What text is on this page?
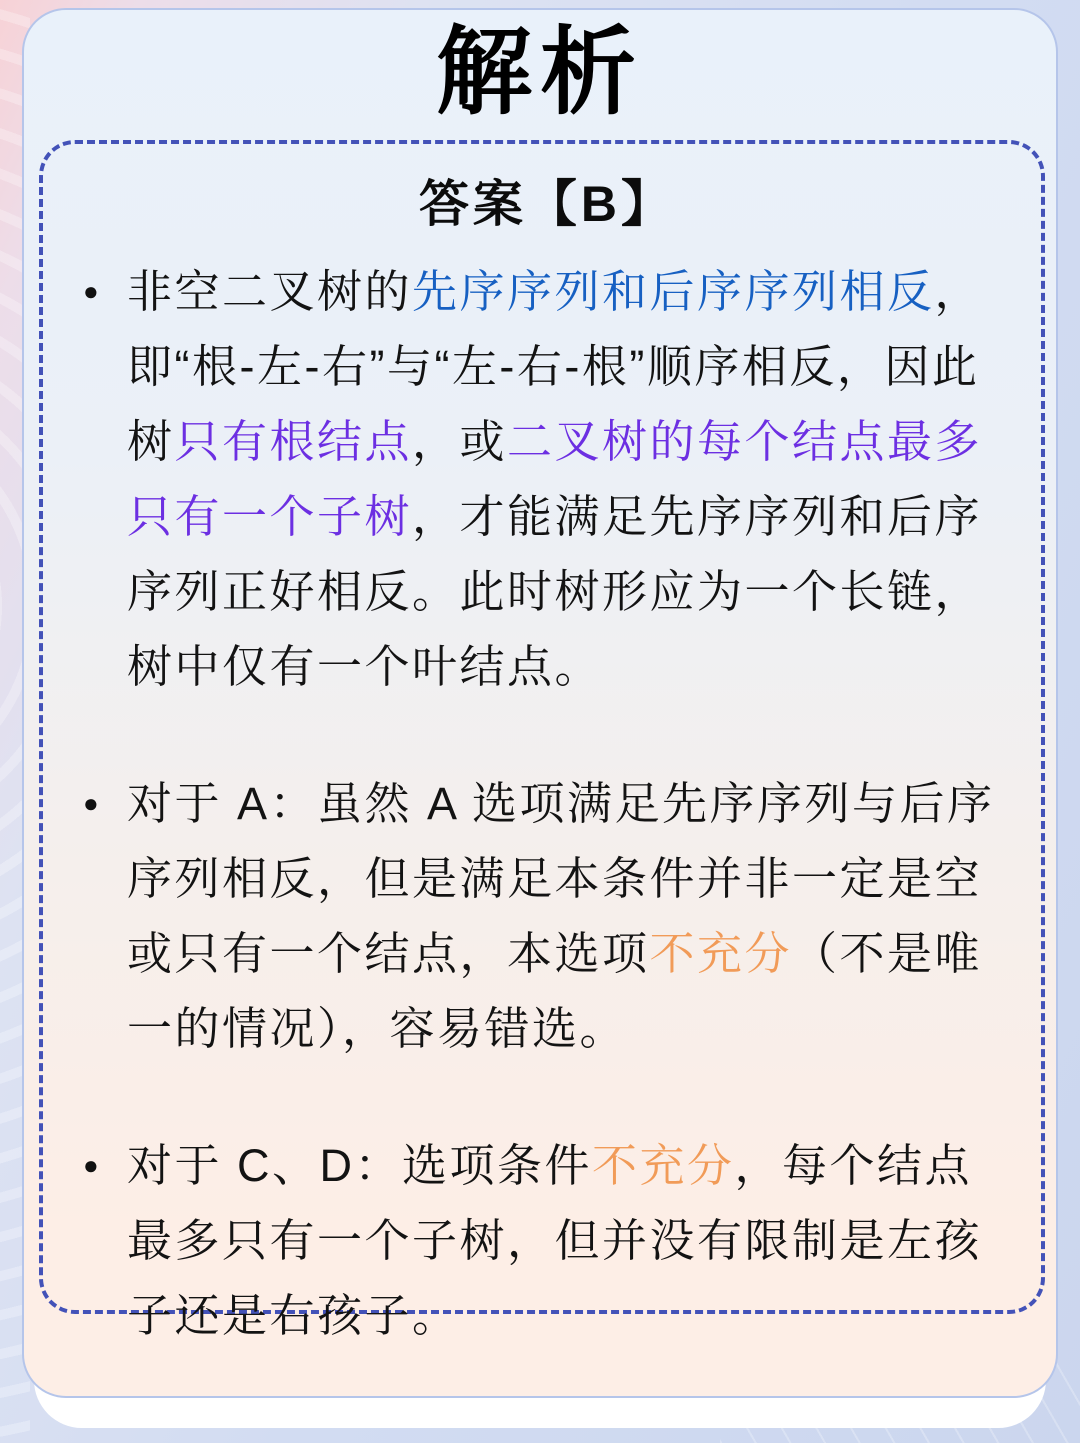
解析
答案【B】
● 非空二叉树的先序序列和后序序列相反，即“根-左-右”与“左-右-根”顺序相反，因此树只有根结点，或二叉树的每个结点最多只有一个子树，才能满足先序序列和后序序列正好相反。此时树形应为一个长链，树中仅有一个叶结点。

● 对于 A：虽然 A 选项满足先序序列与后序序列相反，但是满足本条件并非一定是空或只有一个结点，本选项不充分（不是唯一的情况），容易错选。

● 对于 C、D：选项条件不充分，每个结点最多只有一个子树，但并没有限制是左孩子还是右孩子。
